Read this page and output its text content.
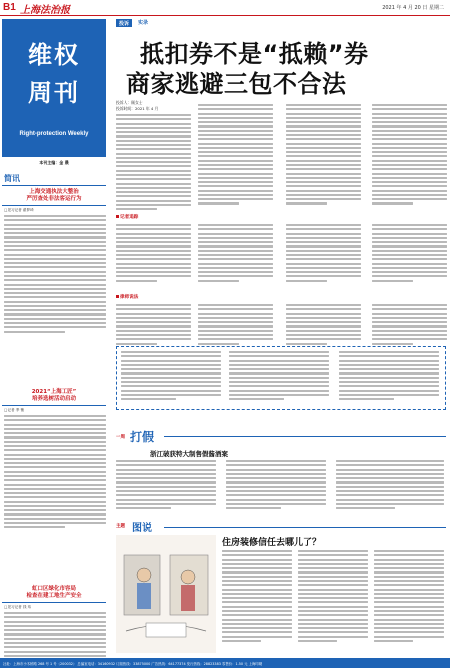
B1 上海法治报	2021 年 4 月 20 日 星期二
维权
周刊
Right-protection Weekly
本刊主编：金 晨
简讯
上海交通执法大整治
严厉查处非法客运行为
□见习记者 翟梦琦
2021“上海工匠”
培养选树活动启动
□记者 季 衡
虹口区绿化市容局
检查在建工地生产安全
□见习记者 钱 玮
投诉	实录
抵扣券不是“抵赖”券
商家逃避三包不合法
投诉人：顾女士
投诉时间：2021 年 4 月
记者追踪
律师说法
一周 打假
浙江破获特大制售假酱酒案
主题 图说
住房装修信任去哪儿了？
社址：上海市小木桥路 268 号 1 号（200032） 总编室电话：34160932 订阅热线：33875000 广告热线：64177374 发行热线：28823383 零售价：1.50 元 上海印刷
